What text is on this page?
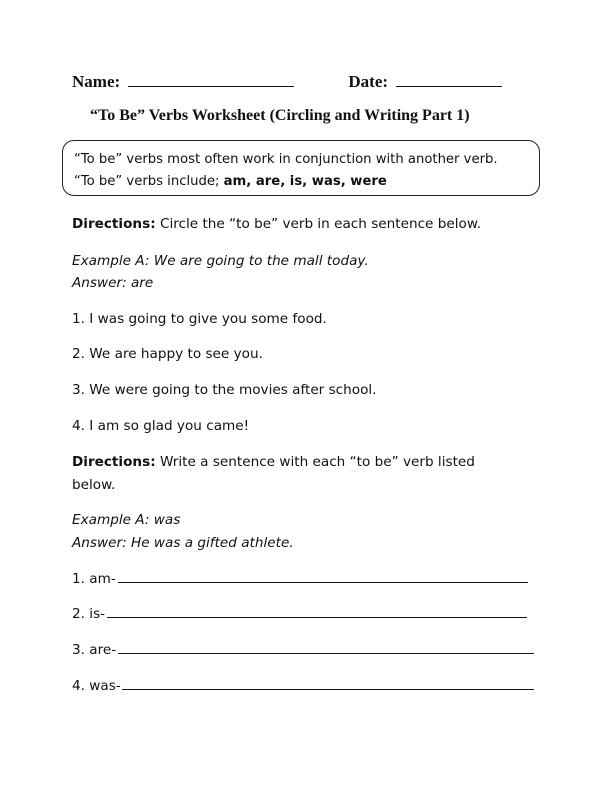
Name:	Date:
“To Be” Verbs Worksheet (Circling and Writing Part 1)
“To be” verbs most often work in conjunction with another verb.
“To be” verbs include; am, are, is, was, were
Directions: Circle the “to be” verb in each sentence below.
Example A: We are going to the mall today.
Answer: are
1. I was going to give you some food.
2. We are happy to see you.
3. We were going to the movies after school.
4. I am so glad you came!
Directions: Write a sentence with each “to be” verb listed below.
Example A: was
Answer: He was a gifted athlete.
1. am-
2. is-
3. are-
4. was-
